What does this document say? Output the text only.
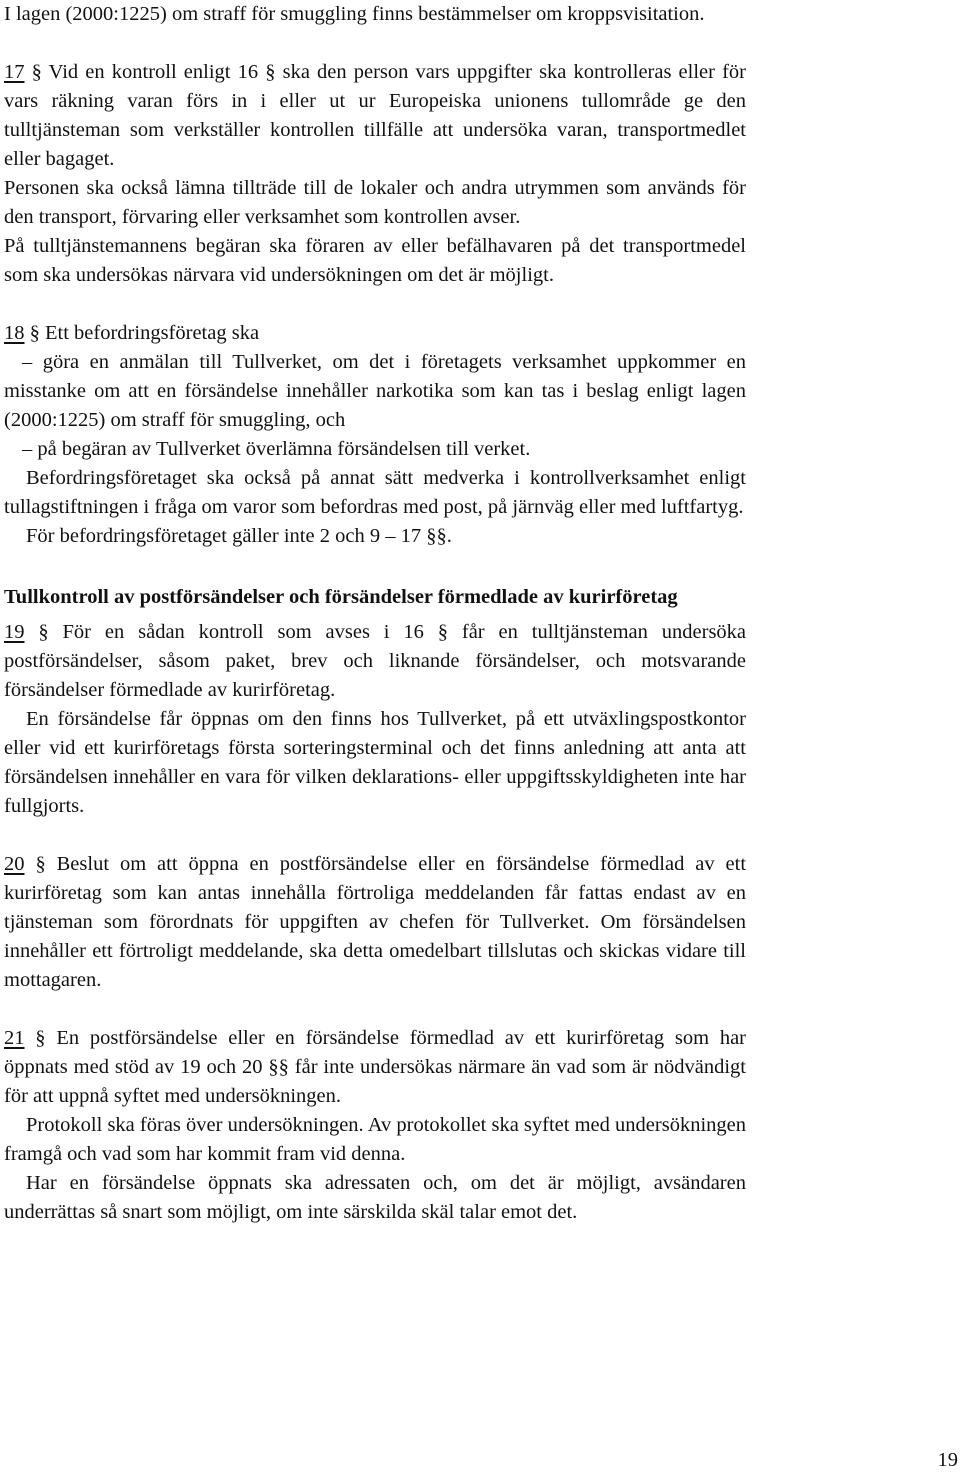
I lagen (2000:1225) om straff för smuggling finns bestämmelser om kroppsvisitation.

17 § Vid en kontroll enligt 16 § ska den person vars uppgifter ska kontrolleras eller för vars räkning varan förs in i eller ut ur Europeiska unionens tullområde ge den tulltjänsteman som verkställer kontrollen tillfälle att undersöka varan, transportmedlet eller bagaget.

Personen ska också lämna tillträde till de lokaler och andra utrymmen som används för den transport, förvaring eller verksamhet som kontrollen avser.

På tulltjänstemannens begäran ska föraren av eller befälhavaren på det transportmedel som ska undersökas närvara vid undersökningen om det är möjligt.

18 § Ett befordringsföretag ska

– göra en anmälan till Tullverket, om det i företagets verksamhet uppkommer en misstanke om att en försändelse innehåller narkotika som kan tas i beslag enligt lagen (2000:1225) om straff för smuggling, och

– på begäran av Tullverket överlämna försändelsen till verket.

Befordringsföretaget ska också på annat sätt medverka i kontrollverksamhet enligt tullagstiftningen i fråga om varor som befordras med post, på järnväg eller med luftfartyg.

För befordringsföretaget gäller inte 2 och 9 – 17 §§.

Tullkontroll av postförsändelser och försändelser förmedlade av kurirföretag

19 § För en sådan kontroll som avses i 16 § får en tulltjänsteman undersöka postförsändelser, såsom paket, brev och liknande försändelser, och motsvarande försändelser förmedlade av kurirföretag.

En försändelse får öppnas om den finns hos Tullverket, på ett utväxlingspostkontor eller vid ett kurirföretags första sorteringsterminal och det finns anledning att anta att försändelsen innehåller en vara för vilken deklarations- eller uppgiftsskyldigheten inte har fullgjorts.

20 § Beslut om att öppna en postförsändelse eller en försändelse förmedlad av ett kurirföretag som kan antas innehålla förtroliga meddelanden får fattas endast av en tjänsteman som förordnats för uppgiften av chefen för Tullverket. Om försändelsen innehåller ett förtroligt meddelande, ska detta omedelbart tillslutas och skickas vidare till mottagaren.

21 § En postförsändelse eller en försändelse förmedlad av ett kurirföretag som har öppnats med stöd av 19 och 20 §§ får inte undersökas närmare än vad som är nödvändigt för att uppnå syftet med undersökningen.

Protokoll ska föras över undersökningen. Av protokollet ska syftet med undersökningen framgå och vad som har kommit fram vid denna.

Har en försändelse öppnats ska adressaten och, om det är möjligt, avsändaren underrättas så snart som möjligt, om inte särskilda skäl talar emot det.

19
